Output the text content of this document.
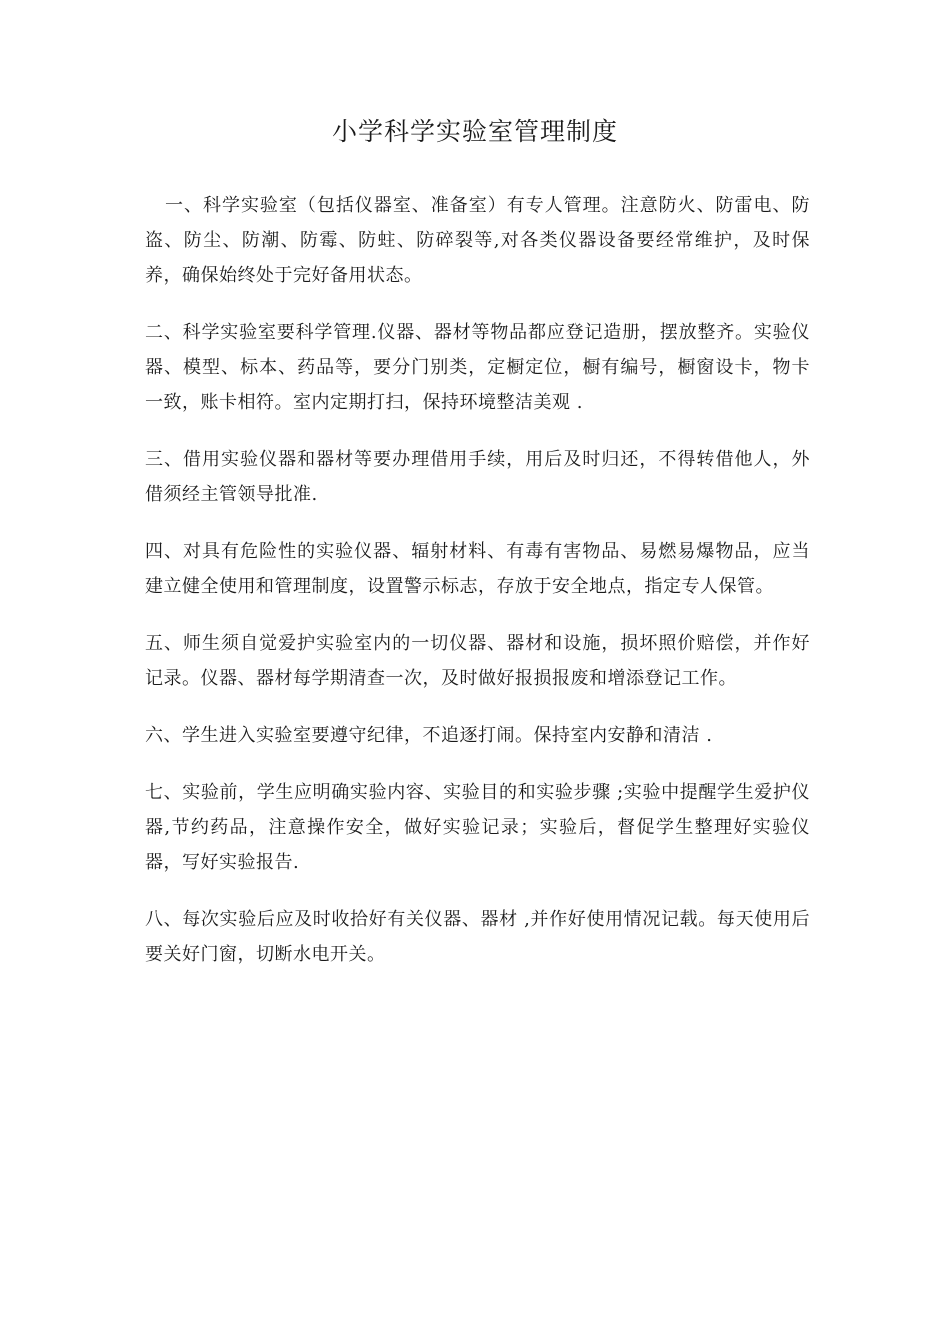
小学科学实验室管理制度

一、科学实验室（包括仪器室、准备室）有专人管理。注意防火、防雷电、防盗、防尘、防潮、防霉、防蛀、防碎裂等,对各类仪器设备要经常维护，及时保养，确保始终处于完好备用状态。

二、科学实验室要科学管理.仪器、器材等物品都应登记造册，摆放整齐。实验仪器、模型、标本、药品等，要分门别类，定橱定位，橱有编号，橱窗设卡，物卡一致，账卡相符。室内定期打扫，保持环境整洁美观 .

三、借用实验仪器和器材等要办理借用手续，用后及时归还，不得转借他人，外借须经主管领导批准.

四、对具有危险性的实验仪器、辐射材料、有毒有害物品、易燃易爆物品，应当建立健全使用和管理制度，设置警示标志，存放于安全地点，指定专人保管。

五、师生须自觉爱护实验室内的一切仪器、器材和设施，损坏照价赔偿，并作好记录。仪器、器材每学期清查一次，及时做好报损报废和增添登记工作。

六、学生进入实验室要遵守纪律，不追逐打闹。保持室内安静和清洁 .

七、实验前，学生应明确实验内容、实验目的和实验步骤 ;实验中提醒学生爱护仪器,节约药品，注意操作安全，做好实验记录；实验后，督促学生整理好实验仪器，写好实验报告.

八、每次实验后应及时收拾好有关仪器、器材 ,并作好使用情况记载。每天使用后要关好门窗，切断水电开关。
